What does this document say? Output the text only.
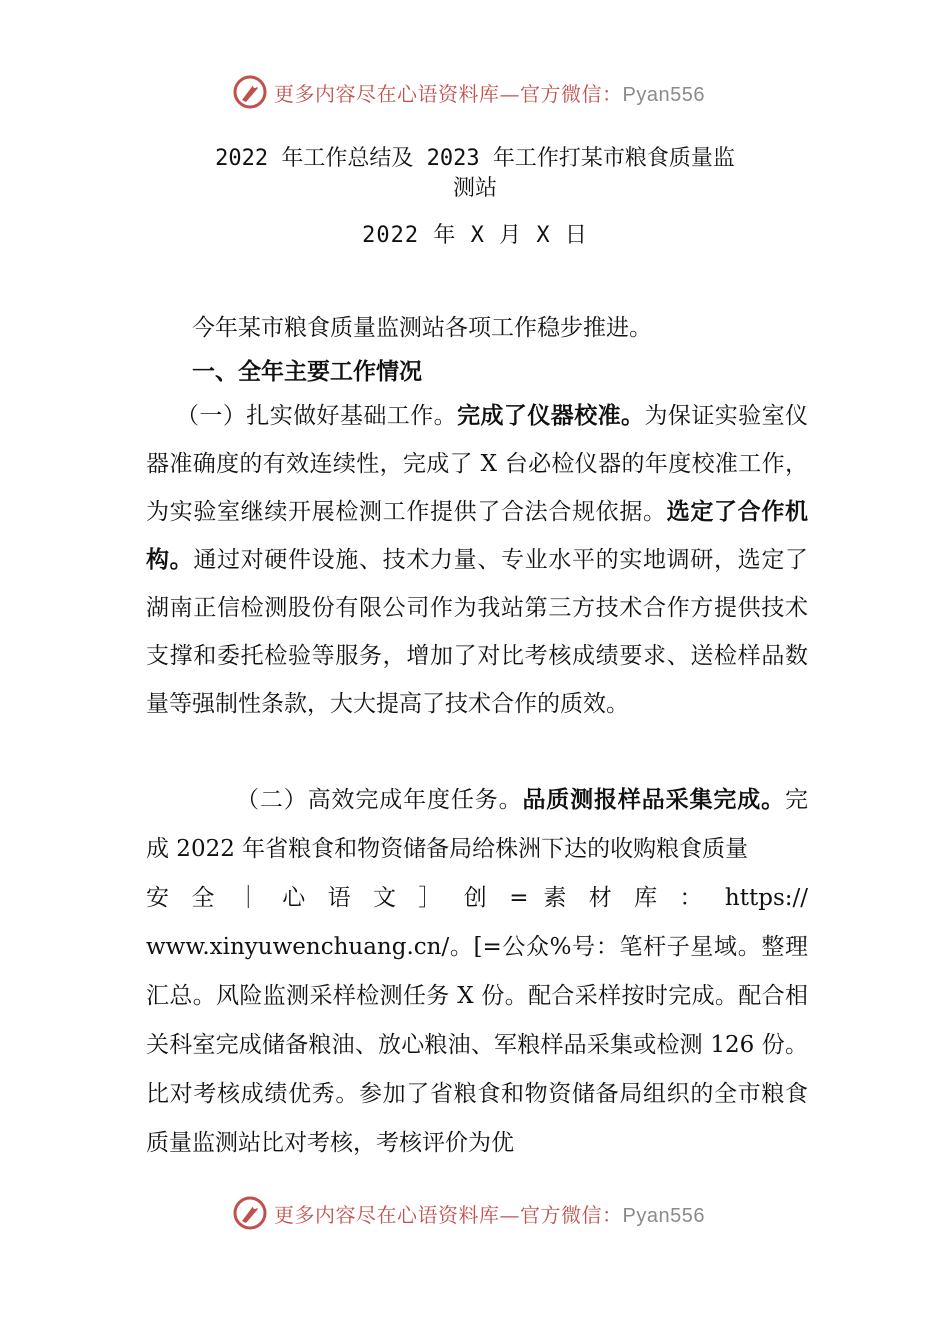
更多内容尽在心语资料库—官方微信：Pyan556
2022 年工作总结及 2023 年工作打某市粮食质量监
测站
2022 年 X 月 X 日

今年某市粮食质量监测站各项工作稳步推进。

一、全年主要工作情况

（一）扎实做好基础工作。完成了仪器校准。为保证实验室仪器准确度的有效连续性，完成了 X 台必检仪器的年度校准工作，为实验室继续开展检测工作提供了合法合规依据。选定了合作机构。通过对硬件设施、技术力量、专业水平的实地调研，选定了湖南正信检测股份有限公司作为我站第三方技术合作方提供技术支撑和委托检验等服务，增加了对比考核成绩要求、送检样品数量等强制性条款，大大提高了技术合作的质效。

（二）高效完成年度任务。品质测报样品采集完成。完成 2022 年省粮食和物资储备局给株洲下达的收购粮食质量
安 全 ｜ 心 语 文 ］ 创 = 素 材 库 ： https://
www.xinyuwenchuang.cn/。[=公众%号：笔杆子星域。整理汇总。风险监测采样检测任务 X 份。配合采样按时完成。配合相关科室完成储备粮油、放心粮油、军粮样品采集或检测 126 份。比对考核成绩优秀。参加了省粮食和物资储备局组织的全市粮食质量监测站比对考核，考核评价为优

更多内容尽在心语资料库—官方微信：Pyan556
